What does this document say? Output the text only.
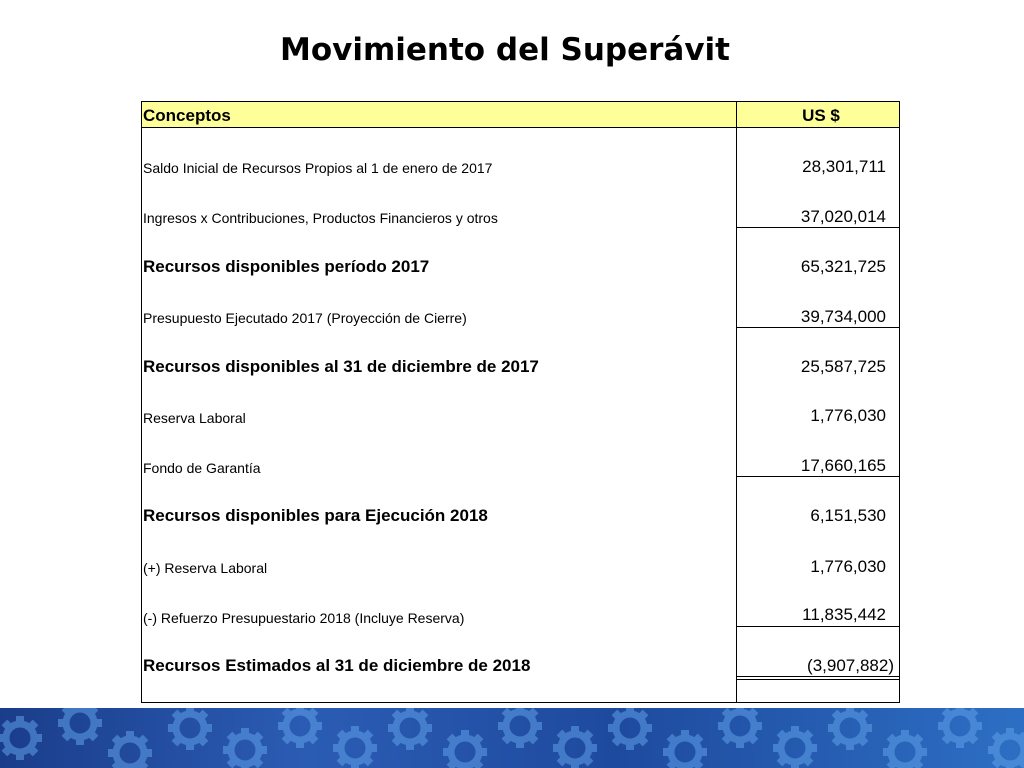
Movimiento del Superávit
Conceptos	US $
Saldo Inicial de Recursos Propios al 1 de enero de 2017	28,301,711
Ingresos x Contribuciones, Productos Financieros y otros	37,020,014
Recursos disponibles período 2017	65,321,725
Presupuesto Ejecutado 2017 (Proyección de Cierre)	39,734,000
Recursos disponibles al 31 de diciembre de 2017	25,587,725
Reserva Laboral	1,776,030
Fondo de Garantía	17,660,165
Recursos disponibles para Ejecución 2018	6,151,530
(+) Reserva Laboral	1,776,030
(-) Refuerzo Presupuestario 2018 (Incluye Reserva)	11,835,442
Recursos Estimados al 31 de diciembre de 2018	(3,907,882)
